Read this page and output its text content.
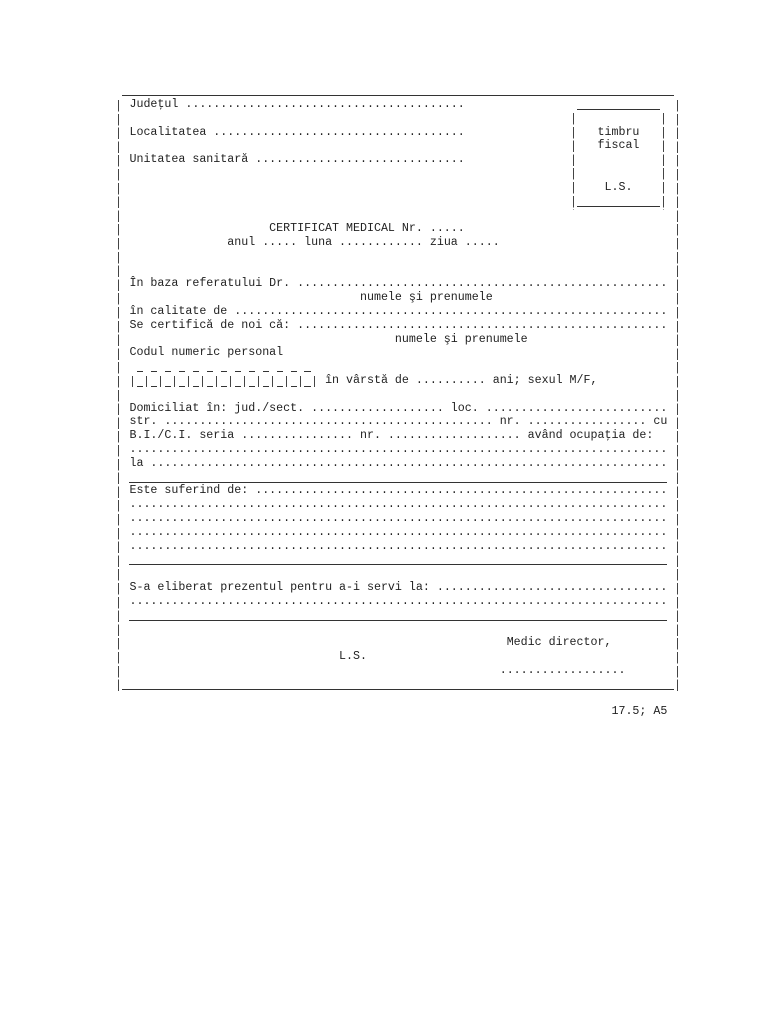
Judeţul ........................................
Localitatea ....................................
Unitatea sanitară ..............................
timbru
fiscal
L.S.
CERTIFICAT MEDICAL Nr. .....
anul ..... luna ............ ziua .....
În baza referatului Dr. .....................................................
numele şi prenumele
în calitate de ..............................................................
Se certifică de noi că: .....................................................
numele şi prenumele
Codul numeric personal
în vârstă de .......... ani; sexul M/F,
Domiciliat în: jud./sect. ................... loc. ..........................
str. ............................................... nr. ................. cu
B.I./C.I. seria ................ nr. ................... având ocupaţia de:
.............................................................................
la ..........................................................................
Este suferind de: ...........................................................
.............................................................................
.............................................................................
.............................................................................
.............................................................................
S-a eliberat prezentul pentru a-i servi la: .................................
.............................................................................
Medic director,
L.S.
..................
17.5; A5
